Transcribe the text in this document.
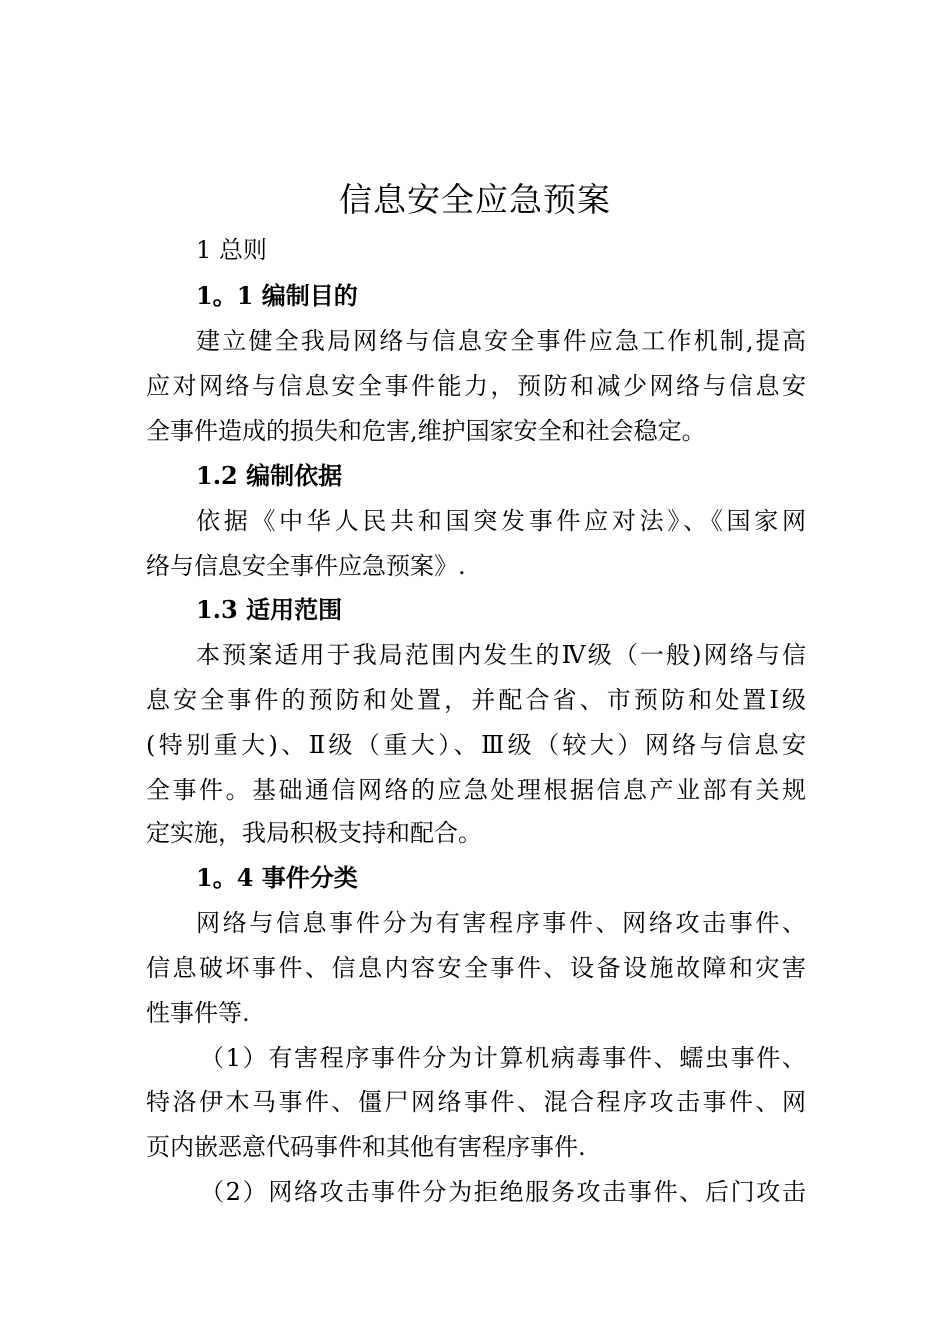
信息安全应急预案
1 总则
1。1 编制目的
建立健全我局网络与信息安全事件应急工作机制,提高
应对网络与信息安全事件能力，预防和减少网络与信息安
全事件造成的损失和危害,维护国家安全和社会稳定。
1.2 编制依据
依据《中华人民共和国突发事件应对法》、《国家网
络与信息安全事件应急预案》.
1.3 适用范围
本预案适用于我局范围内发生的Ⅳ级（一般)网络与信
息安全事件的预防和处置，并配合省、市预防和处置Ⅰ级
(特别重大)、Ⅱ级（重大）、Ⅲ级（较大）网络与信息安
全事件。基础通信网络的应急处理根据信息产业部有关规
定实施，我局积极支持和配合。
1。4 事件分类
网络与信息事件分为有害程序事件、网络攻击事件、
信息破坏事件、信息内容安全事件、设备设施故障和灾害
性事件等.
（1）有害程序事件分为计算机病毒事件、蠕虫事件、
特洛伊木马事件、僵尸网络事件、混合程序攻击事件、网
页内嵌恶意代码事件和其他有害程序事件.
（2）网络攻击事件分为拒绝服务攻击事件、后门攻击
